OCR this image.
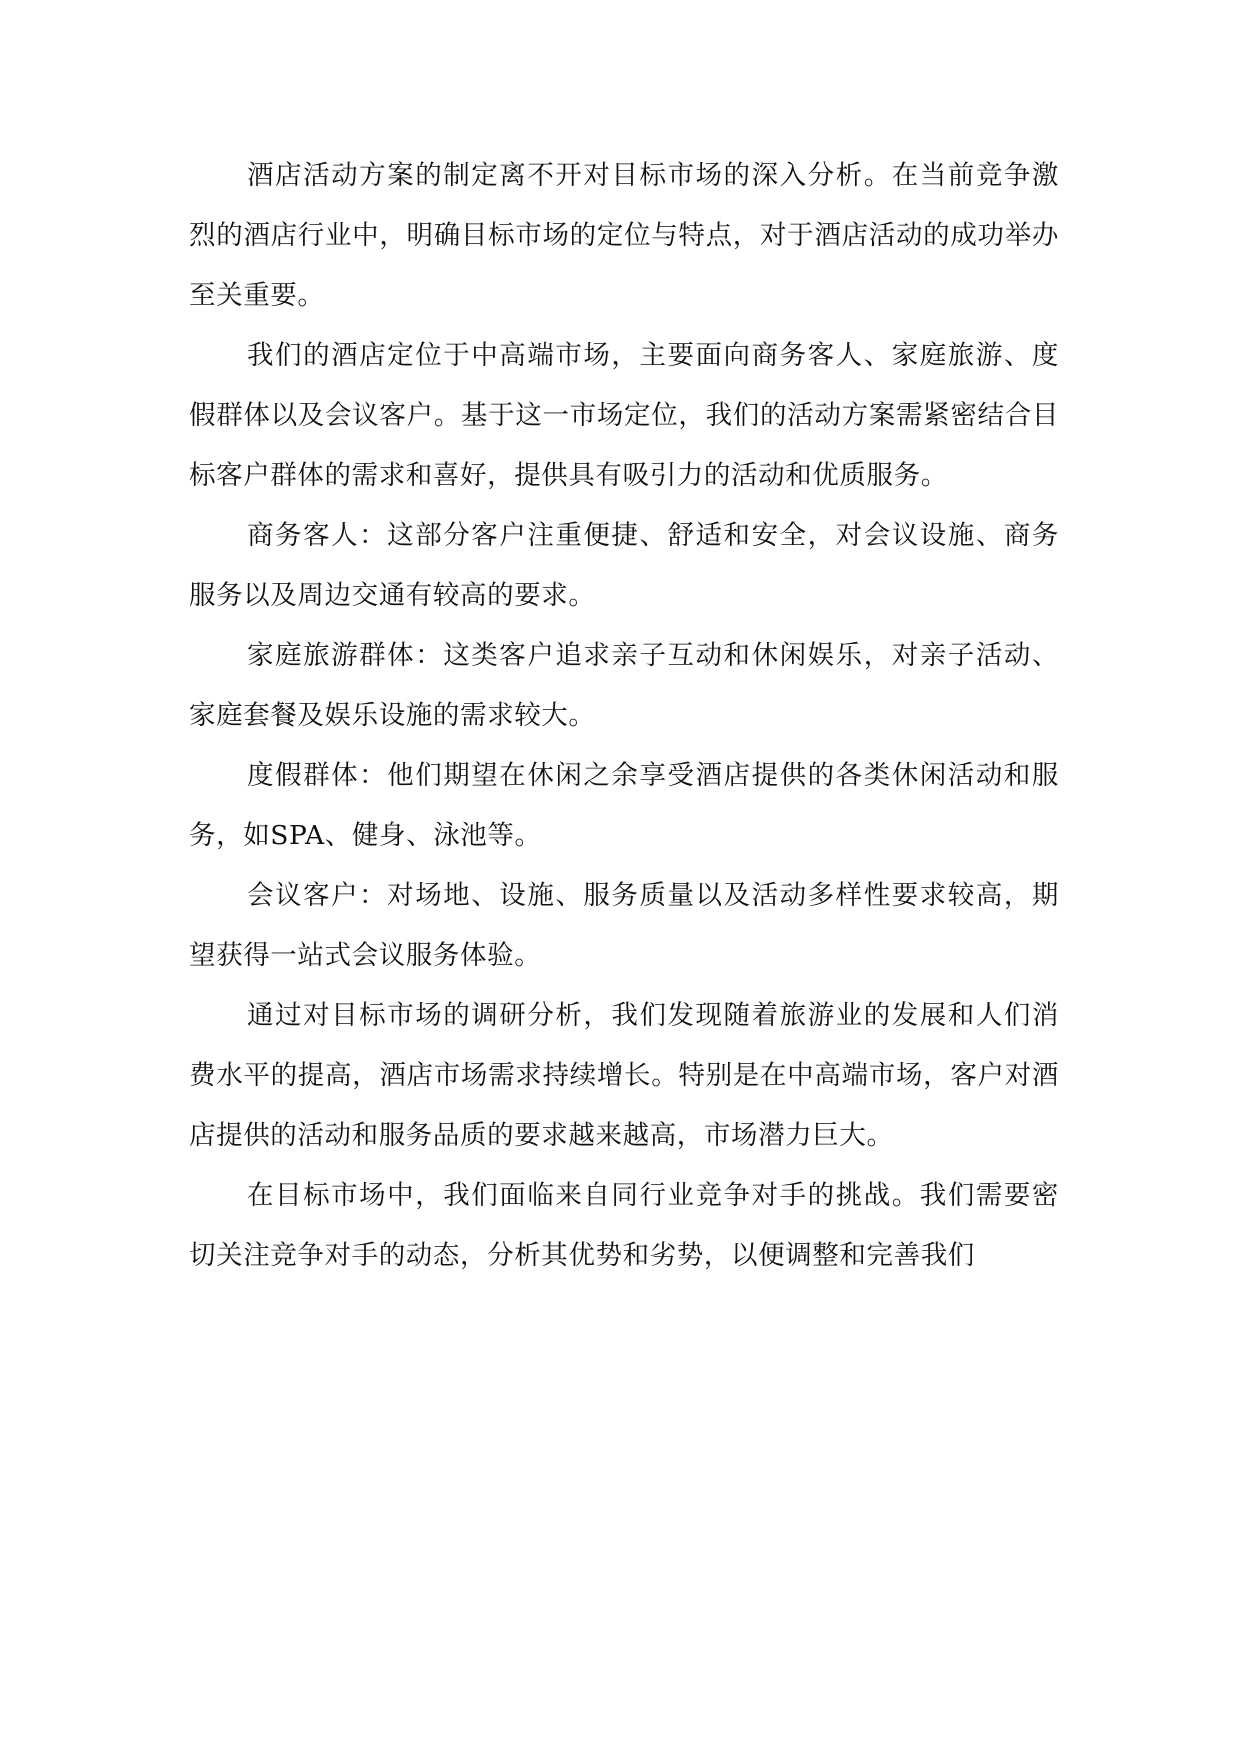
酒店活动方案的制定离不开对目标市场的深入分析。在当前竞争激烈的酒店行业中，明确目标市场的定位与特点，对于酒店活动的成功举办至关重要。

我们的酒店定位于中高端市场，主要面向商务客人、家庭旅游、度假群体以及会议客户。基于这一市场定位，我们的活动方案需紧密结合目标客户群体的需求和喜好，提供具有吸引力的活动和优质服务。

商务客人：这部分客户注重便捷、舒适和安全，对会议设施、商务服务以及周边交通有较高的要求。

家庭旅游群体：这类客户追求亲子互动和休闲娱乐，对亲子活动、家庭套餐及娱乐设施的需求较大。

度假群体：他们期望在休闲之余享受酒店提供的各类休闲活动和服务，如SPA、健身、泳池等。

会议客户：对场地、设施、服务质量以及活动多样性要求较高，期望获得一站式会议服务体验。

通过对目标市场的调研分析，我们发现随着旅游业的发展和人们消费水平的提高，酒店市场需求持续增长。特别是在中高端市场，客户对酒店提供的活动和服务品质的要求越来越高，市场潜力巨大。

在目标市场中，我们面临来自同行业竞争对手的挑战。我们需要密切关注竞争对手的动态，分析其优势和劣势，以便调整和完善我们
